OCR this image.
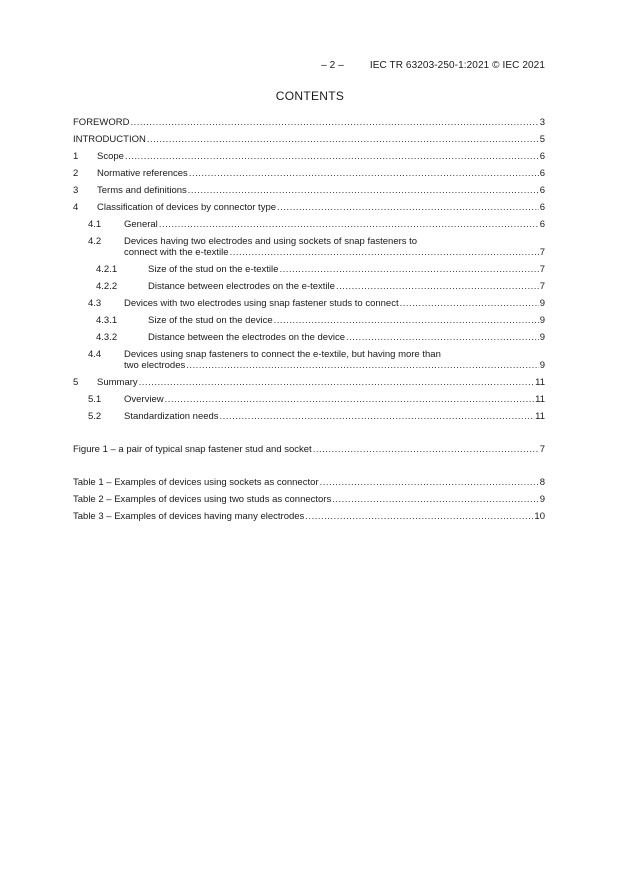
– 2 –	IEC TR 63203-250-1:2021 © IEC 2021
CONTENTS
FOREWORD .....	3
INTRODUCTION .....	5
1	Scope .....	6
2	Normative references .....	6
3	Terms and definitions .....	6
4	Classification of devices by connector type .....	6
4.1	General .....	6
4.2	Devices having two electrodes and using sockets of snap fasteners to
connect with the e-textile .....	7
4.2.1	Size of the stud on the e-textile .....	7
4.2.2	Distance between electrodes on the e-textile .....	7
4.3	Devices with two electrodes using snap fastener studs to connect .....	9
4.3.1	Size of the stud on the device .....	9
4.3.2	Distance between the electrodes on the device .....	9
4.4	Devices using snap fasteners to connect the e-textile, but having more than
two electrodes .....	9
5	Summary .....	11
5.1	Overview .....	11
5.2	Standardization needs .....	11
Figure 1 – a pair of typical snap fastener stud and socket .....	7
Table 1 – Examples of devices using sockets as connector .....	8
Table 2 – Examples of devices using two studs as connectors .....	9
Table 3 – Examples of devices having many electrodes .....	10
